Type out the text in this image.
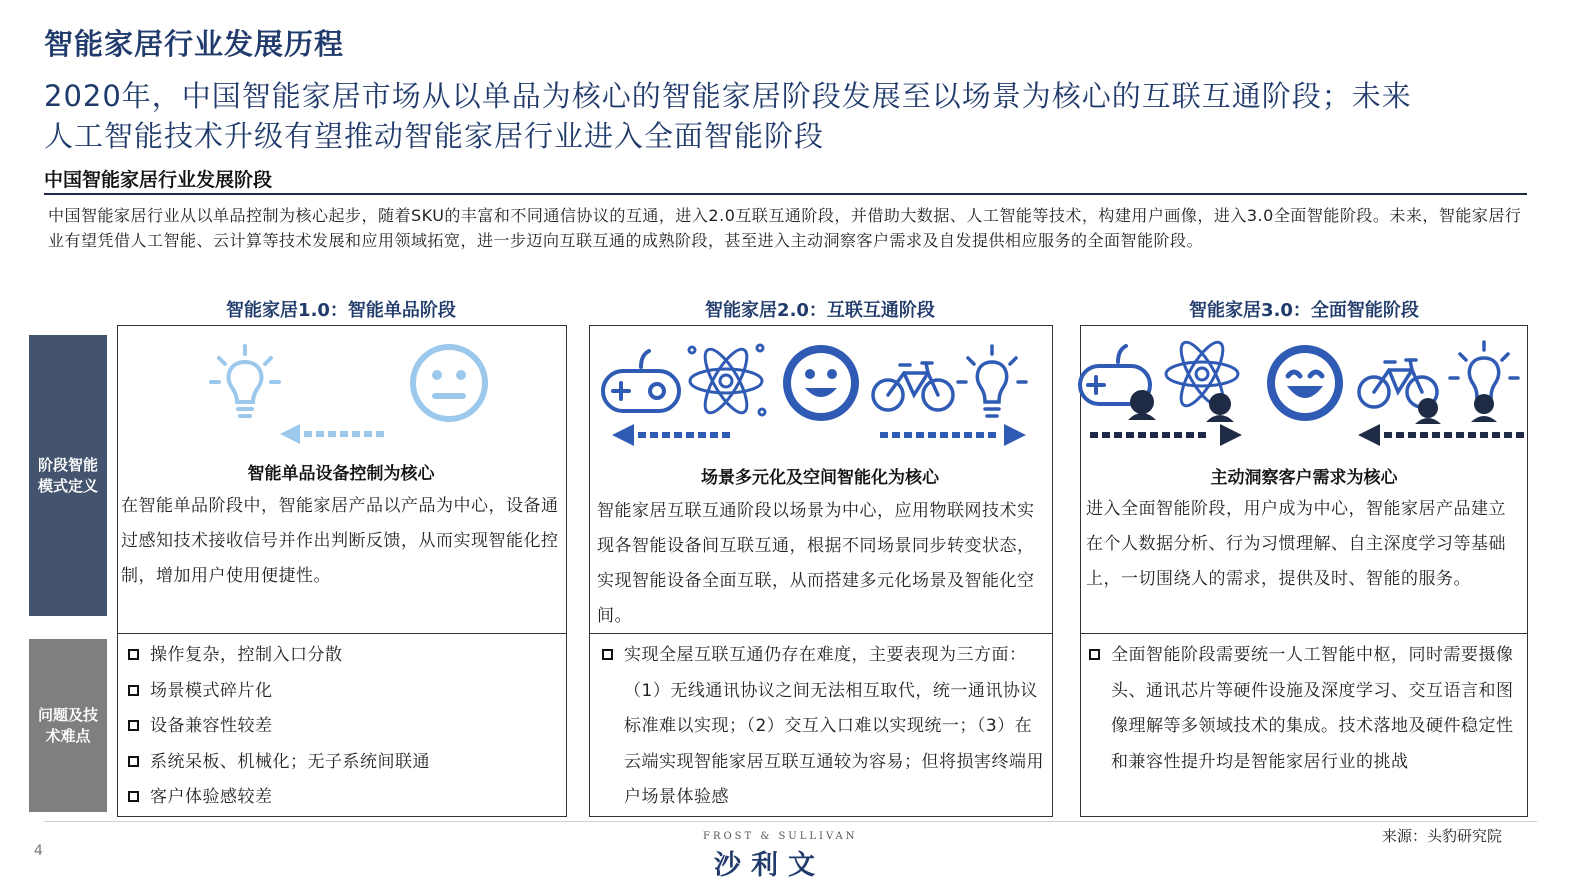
智能家居行业发展历程
2020年，中国智能家居市场从以单品为核心的智能家居阶段发展至以场景为核心的互联互通阶段；未来
人工智能技术升级有望推动智能家居行业进入全面智能阶段
中国智能家居行业发展阶段
中国智能家居行业从以单品控制为核心起步，随着SKU的丰富和不同通信协议的互通，进入2.0互联互通阶段，并借助大数据、人工智能等技术，构建用户画像，进入3.0全面智能阶段。未来，智能家居行业有望凭借人工智能、云计算等技术发展和应用领域拓宽，进一步迈向互联互通的成熟阶段，甚至进入主动洞察客户需求及自发提供相应服务的全面智能阶段。
智能家居1.0：智能单品阶段	智能家居2.0：互联互通阶段	智能家居3.0：全面智能阶段
阶段智能模式定义
问题及技术难点
智能单品设备控制为核心	场景多元化及空间智能化为核心	主动洞察客户需求为核心
在智能单品阶段中，智能家居产品以产品为中心，设备通过感知技术接收信号并作出判断反馈，从而实现智能化控制，增加用户使用便捷性。
智能家居互联互通阶段以场景为中心，应用物联网技术实现各智能设备间互联互通，根据不同场景同步转变状态，实现智能设备全面互联，从而搭建多元化场景及智能化空间。
进入全面智能阶段，用户成为中心，智能家居产品建立在个人数据分析、行为习惯理解、自主深度学习等基础上，一切围绕人的需求，提供及时、智能的服务。
操作复杂，控制入口分散
场景模式碎片化
设备兼容性较差
系统呆板、机械化；无子系统间联通
客户体验感较差
实现全屋互联互通仍存在难度，主要表现为三方面：（1）无线通讯协议之间无法相互取代，统一通讯协议标准难以实现；（2）交互入口难以实现统一；（3）在云端实现智能家居互联互通较为容易；但将损害终端用户场景体验感
全面智能阶段需要统一人工智能中枢，同时需要摄像头、通讯芯片等硬件设施及深度学习、交互语言和图像理解等多领域技术的集成。技术落地及硬件稳定性和兼容性提升均是智能家居行业的挑战
4
FROST & SULLIVAN
沙利文
来源：头豹研究院
